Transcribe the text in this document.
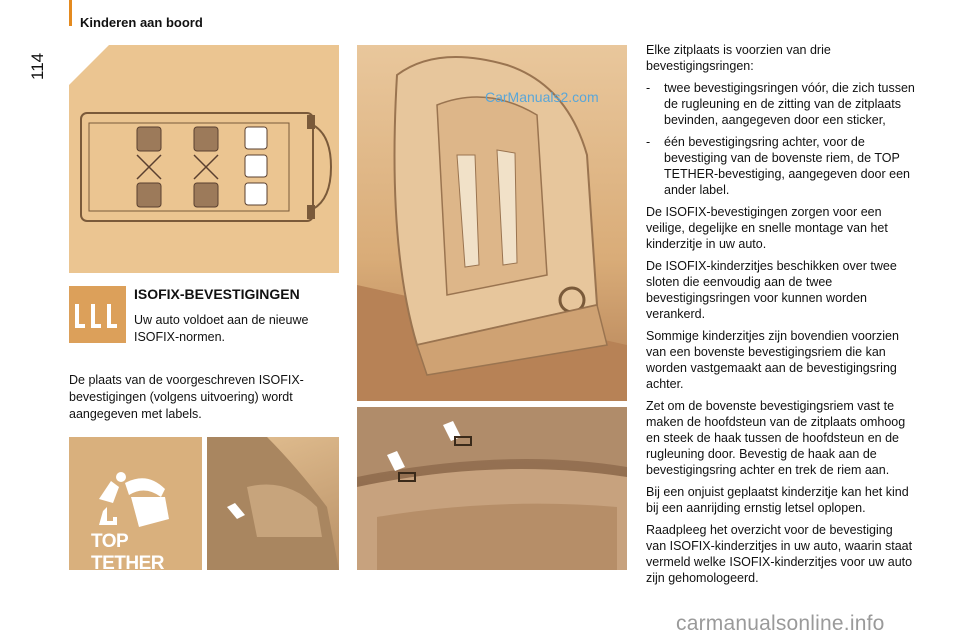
Kinderen aan boord
114
ISOFIX-BEVESTIGINGEN
Uw auto voldoet aan de nieuwe ISOFIX-normen.
De plaats van de voorgeschreven ISOFIX-bevestigingen (volgens uitvoering) wordt aangegeven met labels.
TOP TETHER
CarManuals2.com

Elke zitplaats is voorzien van drie bevestigingsringen:

-	twee bevestigingsringen vóór, die zich tussen de rugleuning en de zitting van de zitplaats bevinden, aangegeven door een sticker,
-	één bevestigingsring achter, voor de bevestiging van de bovenste riem, de TOP TETHER-bevestiging, aangegeven door een ander label.

De ISOFIX-bevestigingen zorgen voor een veilige, degelijke en snelle montage van het kinderzitje in uw auto.

De ISOFIX-kinderzitjes beschikken over twee sloten die eenvoudig aan de twee bevestigingsringen voor kunnen worden verankerd.

Sommige kinderzitjes zijn bovendien voorzien van een bovenste bevestigingsriem die kan worden vastgemaakt aan de bevestigingsring achter.

Zet om de bovenste bevestigingsriem vast te maken de hoofdsteun van de zitplaats omhoog en steek de haak tussen de hoofdsteun en de rugleuning door. Bevestig de haak aan de bevestigingsring achter en trek de riem aan.

Bij een onjuist geplaatst kinderzitje kan het kind bij een aanrijding ernstig letsel oplopen.

Raadpleeg het overzicht voor de bevestiging van ISOFIX-kinderzitjes in uw auto, waarin staat vermeld welke ISOFIX-kinderzitjes voor uw auto zijn gehomologeerd.

carmanualsonline.info
